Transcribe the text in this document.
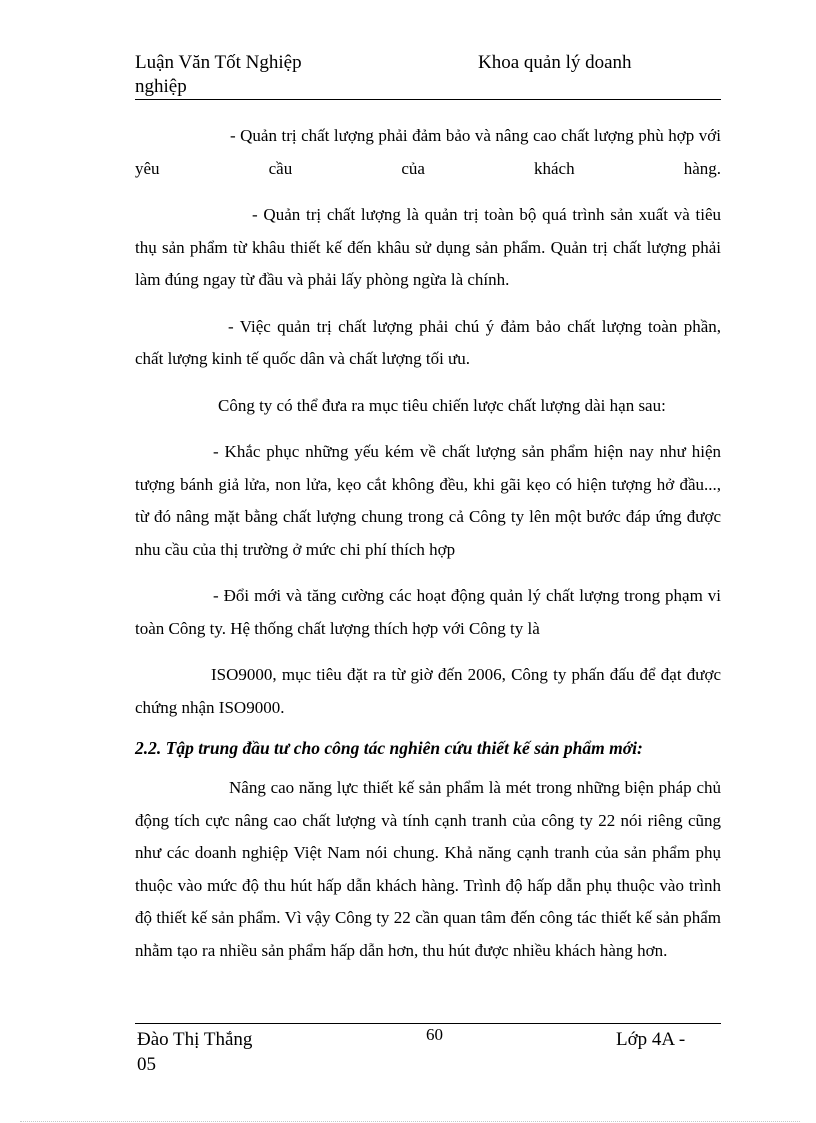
Luận Văn Tốt Nghiệp	Khoa quản lý doanh
nghiệp

- Quản trị chất lượng phải đảm bảo và nâng cao chất lượng phù hợp với yêu cầu của khách hàng.

- Quản trị chất lượng là quản trị toàn bộ quá trình sản xuất và tiêu thụ sản phẩm từ khâu thiết kế đến khâu sử dụng sản phẩm. Quản trị chất lượng phải làm đúng ngay từ đầu và phải lấy phòng ngừa là chính.

- Việc quản trị chất lượng phải chú ý đảm bảo chất lượng toàn phần, chất lượng kinh tế quốc dân và chất lượng tối ưu.

Công ty có thể đưa ra mục tiêu chiến lược chất lượng dài hạn sau:

- Khắc phục những yếu kém về chất lượng sản phẩm hiện nay như hiện tượng bánh giả lửa, non lửa, kẹo cắt không đều, khi gãi kẹo có hiện tượng hở đầu..., từ đó nâng mặt bằng chất lượng chung trong cả Công ty lên một bước đáp ứng được nhu cầu của thị trường ở mức chi phí thích hợp

- Đổi mới và tăng cường các hoạt động quản lý chất lượng trong phạm vi toàn Công ty. Hệ thống chất lượng thích hợp với Công ty là

ISO9000, mục tiêu đặt ra từ giờ đến 2006, Công ty phấn đấu để đạt được chứng nhận ISO9000.

2.2. Tập trung đầu tư cho công tác nghiên cứu thiết kế sản phẩm mới:

Nâng cao năng lực thiết kế sản phẩm là mét trong những biện pháp chủ động tích cực nâng cao chất lượng và tính cạnh tranh của công ty 22 nói riêng cũng như các doanh nghiệp Việt Nam nói chung. Khả năng cạnh tranh của sản phẩm phụ thuộc vào mức độ thu hút hấp dẫn khách hàng. Trình độ hấp dẫn phụ thuộc vào trình độ thiết kế sản phẩm. Vì vậy Công ty 22 cần quan tâm đến công tác thiết kế sản phẩm nhằm tạo ra nhiều sản phẩm hấp dẫn hơn, thu hút được nhiều khách hàng hơn.

Đào Thị Thắng	60	Lớp 4A -
05
